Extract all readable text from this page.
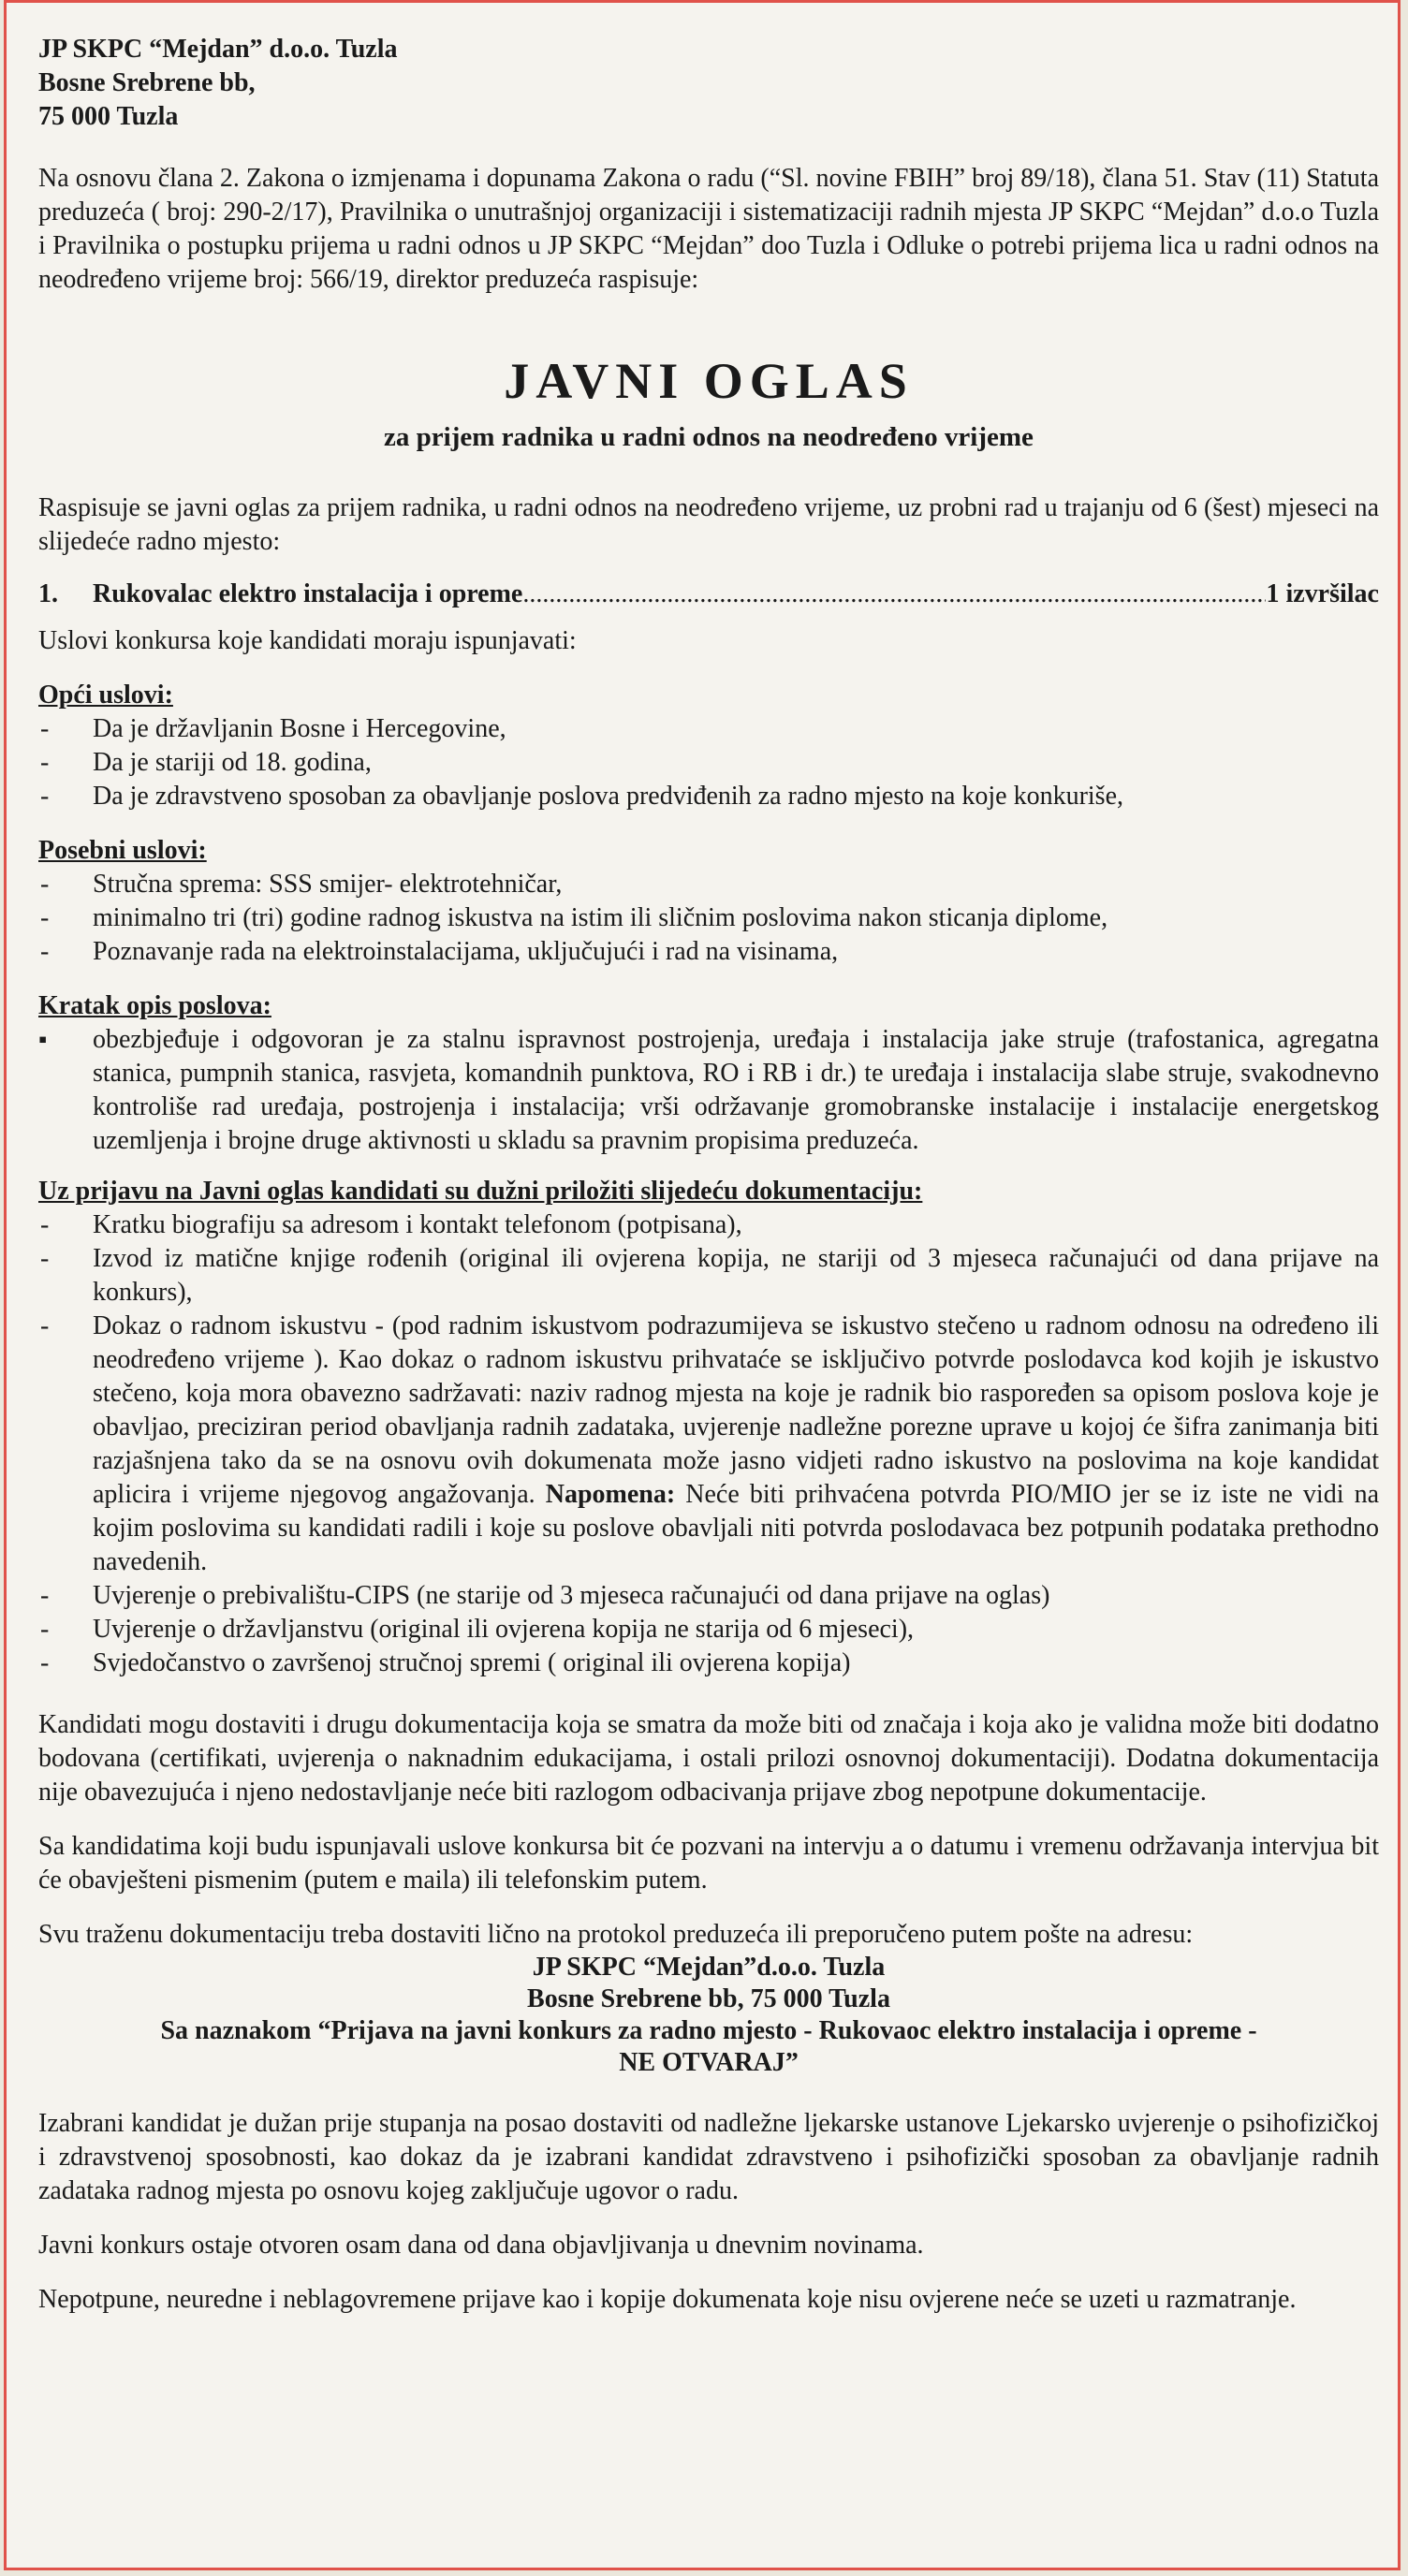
JP SKPC “Mejdan” d.o.o. Tuzla
Bosne Srebrene bb,
75 000 Tuzla

Na osnovu člana 2. Zakona o izmjenama i dopunama Zakona o radu (“Sl. novine FBIH” broj 89/18), člana 51. Stav (11) Statuta preduzeća ( broj: 290-2/17), Pravilnika o unutrašnjoj organizaciji i sistematizaciji radnih mjesta JP SKPC “Mejdan” d.o.o Tuzla i Pravilnika o postupku prijema u radni odnos u JP SKPC “Mejdan” doo Tuzla i Odluke o potrebi prijema lica u radni odnos na neodređeno vrijeme broj: 566/19, direktor preduzeća raspisuje:

JAVNI OGLAS
za prijem radnika u radni odnos na neodređeno vrijeme

Raspisuje se javni oglas za prijem radnika, u radni odnos na neodređeno vrijeme, uz probni rad u trajanju od 6 (šest) mjeseci na slijedeće radno mjesto:

1.	Rukovalac elektro instalacija i opreme
.....	1 izvršilac

Uslovi konkursa koje kandidati moraju ispunjavati:

Opći uslovi:
- Da je državljanin Bosne i Hercegovine,
- Da je stariji od 18. godina,
- Da je zdravstveno sposoban za obavljanje poslova predviđenih za radno mjesto na koje konkuriše,
Posebni uslovi:
- Stručna sprema: SSS smijer- elektrotehničar,
- minimalno tri (tri) godine radnog iskustva na istim ili sličnim poslovima nakon sticanja diplome,
- Poznavanje rada na elektroinstalacijama, uključujući i rad na visinama,
Kratak opis poslova:
▪ obezbjeđuje i odgovoran je za stalnu ispravnost postrojenja, uređaja i instalacija jake struje (trafostanica, agregatna stanica, pumpnih stanica, rasvjeta, komandnih punktova, RO i RB i dr.) te uređaja i instalacija slabe struje, svakodnevno kontroliše rad uređaja, postrojenja i instalacija; vrši održavanje gromobranske instalacije i instalacije energetskog uzemljenja i brojne druge aktivnosti u skladu sa pravnim propisima preduzeća.
Uz prijavu na Javni oglas kandidati su dužni priložiti slijedeću dokumentaciju:
- Kratku biografiju sa adresom i kontakt telefonom (potpisana),
- Izvod iz matične knjige rođenih (original ili ovjerena kopija, ne stariji od 3 mjeseca računajući od dana prijave na konkurs),
- Dokaz o radnom iskustvu - (pod radnim iskustvom podrazumijeva se iskustvo stečeno u radnom odnosu na određeno ili neodređeno vrijeme ). Kao dokaz o radnom iskustvu prihvataće se isključivo potvrde poslodavca kod kojih je iskustvo stečeno, koja mora obavezno sadržavati: naziv radnog mjesta na koje je radnik bio raspoređen sa opisom poslova koje je obavljao, preciziran period obavljanja radnih zadataka, uvjerenje nadležne porezne uprave u kojoj će šifra zanimanja biti razjašnjena tako da se na osnovu ovih dokumenata može jasno vidjeti radno iskustvo na poslovima na koje kandidat aplicira i vrijeme njegovog angažovanja. Napomena: Neće biti prihvaćena potvrda PIO/MIO jer se iz iste ne vidi na kojim poslovima su kandidati radili i koje su poslove obavljali niti potvrda poslodavaca bez potpunih podataka prethodno navedenih.
- Uvjerenje o prebivalištu-CIPS (ne starije od 3 mjeseca računajući od dana prijave na oglas)
- Uvjerenje o državljanstvu (original ili ovjerena kopija ne starija od 6 mjeseci),
- Svjedočanstvo o završenoj stručnoj spremi ( original ili ovjerena kopija)

Kandidati mogu dostaviti i drugu dokumentacija koja se smatra da može biti od značaja i koja ako je validna može biti dodatno bodovana (certifikati, uvjerenja o naknadnim edukacijama, i ostali prilozi osnovnoj dokumentaciji). Dodatna dokumentacija nije obavezujuća i njeno nedostavljanje neće biti razlogom odbacivanja prijave zbog nepotpune dokumentacije.

Sa kandidatima koji budu ispunjavali uslove konkursa bit će pozvani na intervju a o datumu i vremenu održavanja intervjua bit će obavješteni pismenim (putem e maila) ili telefonskim putem.

Svu traženu dokumentaciju treba dostaviti lično na protokol preduzeća ili preporučeno putem pošte na adresu:

JP SKPC “Mejdan”d.o.o. Tuzla
Bosne Srebrene bb, 75 000 Tuzla
Sa naznakom “Prijava na javni konkurs za radno mjesto - Rukovaoc elektro instalacija i opreme -
NE OTVARAJ”

Izabrani kandidat je dužan prije stupanja na posao dostaviti od nadležne ljekarske ustanove Ljekarsko uvjerenje o psihofizičkoj i zdravstvenoj sposobnosti, kao dokaz da je izabrani kandidat zdravstveno i psihofizički sposoban za obavljanje radnih zadataka radnog mjesta po osnovu kojeg zaključuje ugovor o radu.

Javni konkurs ostaje otvoren osam dana od dana objavljivanja u dnevnim novinama.

Nepotpune, neuredne i neblagovremene prijave kao i kopije dokumenata koje nisu ovjerene neće se uzeti u razmatranje.
